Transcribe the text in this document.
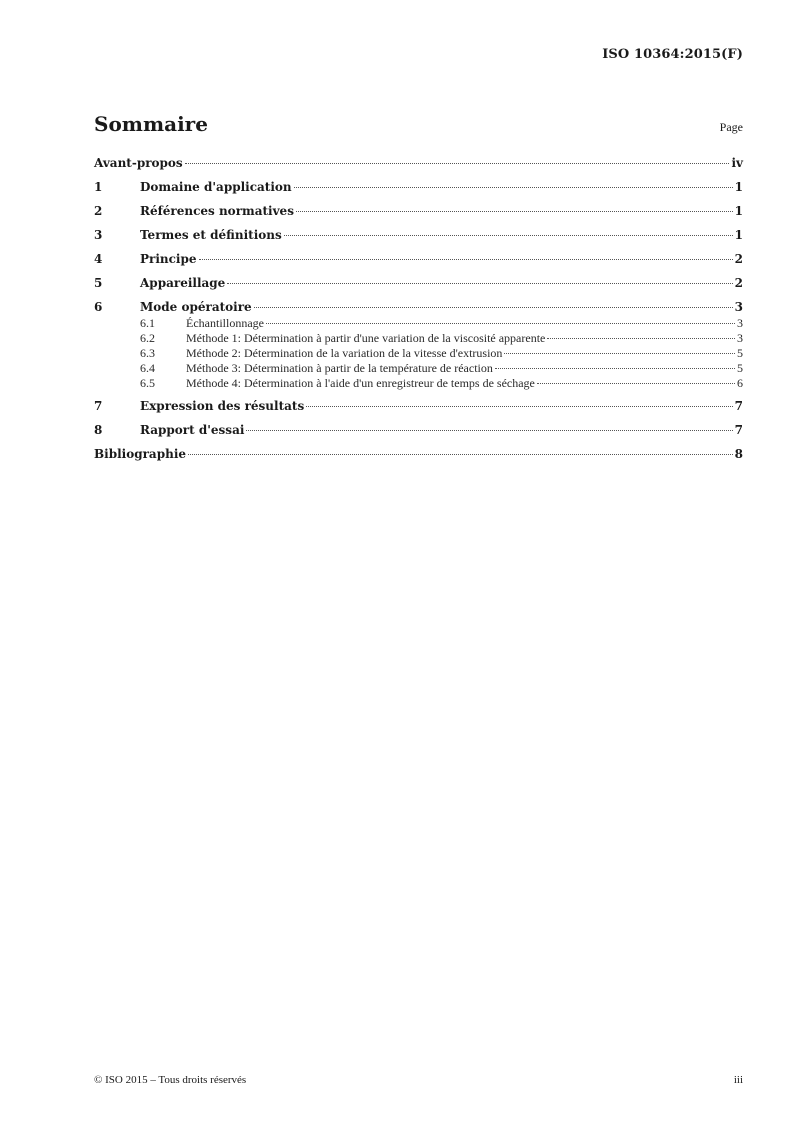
ISO 10364:2015(F)
Sommaire	Page
Avant-propos	iv
1	Domaine d'application	1
2	Références normatives	1
3	Termes et définitions	1
4	Principe	2
5	Appareillage	2
6	Mode opératoire	3
6.1	Échantillonnage	3
6.2	Méthode 1: Détermination à partir d'une variation de la viscosité apparente	3
6.3	Méthode 2: Détermination de la variation de la vitesse d'extrusion	5
6.4	Méthode 3: Détermination à partir de la température de réaction	5
6.5	Méthode 4: Détermination à l'aide d'un enregistreur de temps de séchage	6
7	Expression des résultats	7
8	Rapport d'essai	7
Bibliographie	8
© ISO 2015 – Tous droits réservés	iii
